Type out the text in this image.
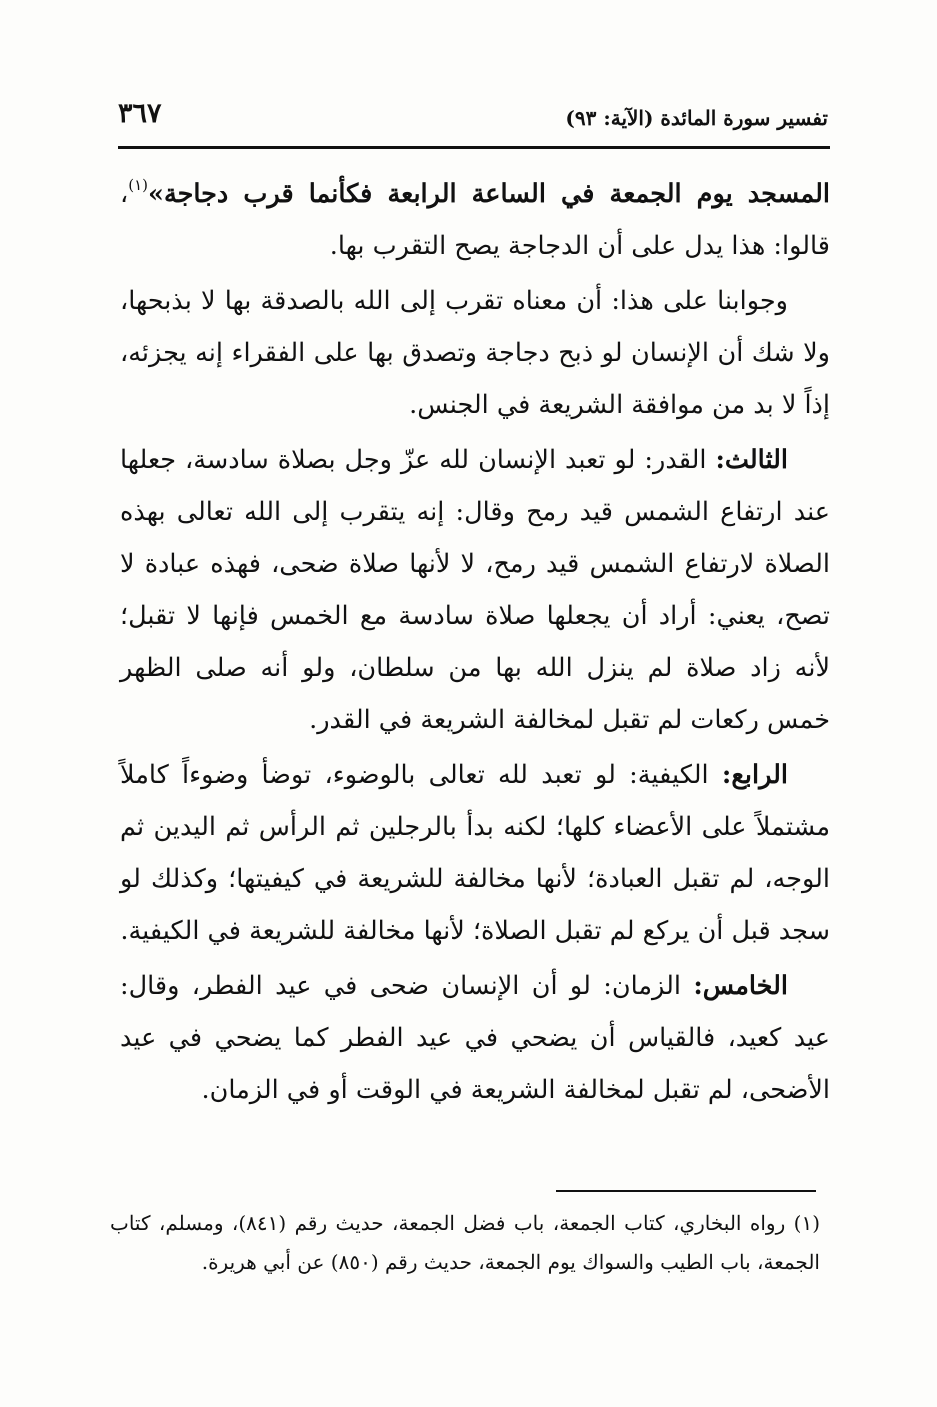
تفسير سورة المائدة (الآية: ٩٣)
٣٦٧

المسجد يوم الجمعة في الساعة الرابعة فكأنما قرب دجاجة»$^{(١)}$، قالوا: هذا يدل على أن الدجاجة يصح التقرب بها.

وجوابنا على هذا: أن معناه تقرب إلى الله بالصدقة بها لا بذبحها، ولا شك أن الإنسان لو ذبح دجاجة وتصدق بها على الفقراء إنه يجزئه، إذاً لا بد من موافقة الشريعة في الجنس.

الثالث: القدر: لو تعبد الإنسان لله عزّ وجل بصلاة سادسة، جعلها عند ارتفاع الشمس قيد رمح وقال: إنه يتقرب إلى الله تعالى بهذه الصلاة لارتفاع الشمس قيد رمح، لا لأنها صلاة ضحى، فهذه عبادة لا تصح، يعني: أراد أن يجعلها صلاة سادسة مع الخمس فإنها لا تقبل؛ لأنه زاد صلاة لم ينزل الله بها من سلطان، ولو أنه صلى الظهر خمس ركعات لم تقبل لمخالفة الشريعة في القدر.

الرابع: الكيفية: لو تعبد لله تعالى بالوضوء، توضأ وضوءاً كاملاً مشتملاً على الأعضاء كلها؛ لكنه بدأ بالرجلين ثم الرأس ثم اليدين ثم الوجه، لم تقبل العبادة؛ لأنها مخالفة للشريعة في كيفيتها؛ وكذلك لو سجد قبل أن يركع لم تقبل الصلاة؛ لأنها مخالفة للشريعة في الكيفية.

الخامس: الزمان: لو أن الإنسان ضحى في عيد الفطر، وقال: عيد كعيد، فالقياس أن يضحي في عيد الفطر كما يضحي في عيد الأضحى، لم تقبل لمخالفة الشريعة في الوقت أو في الزمان.

(١) رواه البخاري، كتاب الجمعة، باب فضل الجمعة، حديث رقم (٨٤١)، ومسلم، كتاب الجمعة، باب الطيب والسواك يوم الجمعة، حديث رقم (٨٥٠) عن أبي هريرة.
